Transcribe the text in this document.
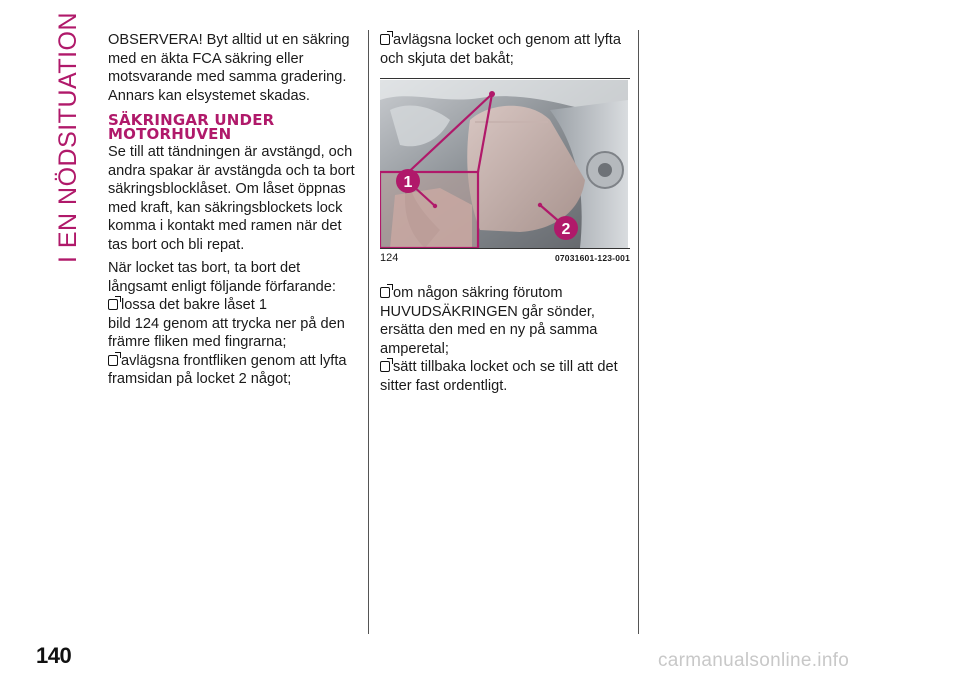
I EN NÖDSITUATION OBSERVERA! Byt alltid ut en säkring med en äkta FCA säkring eller motsvarande med samma gradering. Annars kan elsystemet skadas.

SÄKRINGAR UNDER
MOTORHUVEN

Se till att tändningen är avstängd, och andra spakar är avstängda och ta bort säkringsblocklåset. Om låset öppnas med kraft, kan säkringsblockets lock komma i kontakt med ramen när det tas bort och bli repat.

När locket tas bort, ta bort det långsamt enligt följande förfarande:

lossa det bakre låset 1
bild 124 genom att trycka ner på den främre fliken med fingrarna;
avlägsna frontfliken genom att lyfta framsidan på locket 2 något;
avlägsna locket och genom att lyfta och skjuta det bakåt;
1
2
124	07031601-123-001
om någon säkring förutom HUVUDSÄKRINGEN går sönder, ersätta den med en ny på samma amperetal;
sätt tillbaka locket och se till att det sitter fast ordentligt.
140	carmanualsonline.info
